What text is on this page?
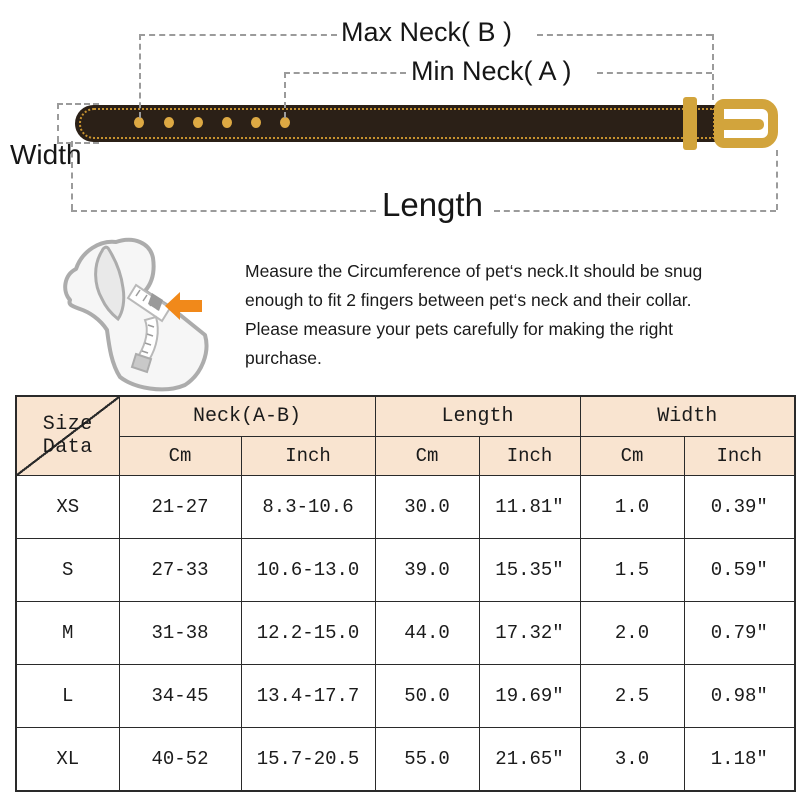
Max Neck( B )
Min Neck( A )
Width
Length
Measure the Circumference of pet‘s neck.It should be snug
enough to fit 2 fingers between pet‘s neck and their collar.
Please measure your pets carefully for making the right
purchase.
Size Data	Neck(A-B)		Length		Width	
	Cm	Inch	Cm	Inch	Cm	Inch
XS	21-27	8.3-10.6	30.0	11.81″	1.0	0.39″
S	27-33	10.6-13.0	39.0	15.35″	1.5	0.59″
M	31-38	12.2-15.0	44.0	17.32″	2.0	0.79″
L	34-45	13.4-17.7	50.0	19.69″	2.5	0.98″
XL	40-52	15.7-20.5	55.0	21.65″	3.0	1.18″
